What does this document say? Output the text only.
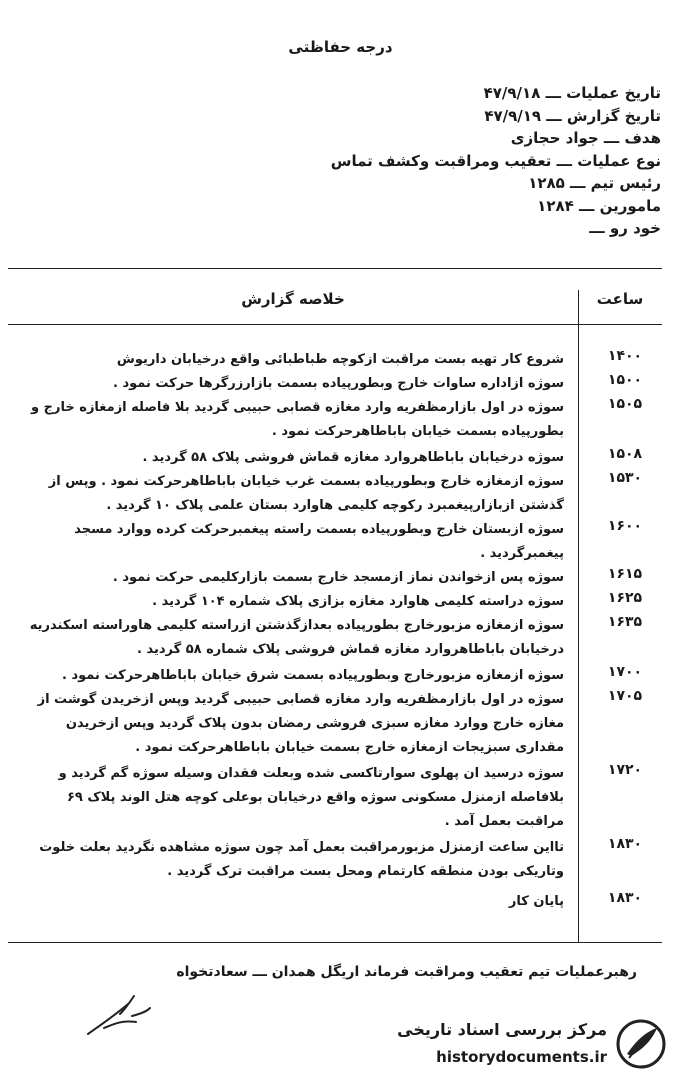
درجه حفاظتی
تاریخ عملیات ـــ ۴۷/۹/۱۸
تاریخ گزارش ـــ ۴۷/۹/۱۹
هدف ـــ جواد حجازی
نوع عملیات ـــ تعقیب ومراقبت وکشف تماس
رئیس تیم ـــ ۱۲۸۵
مامورین ـــ ۱۲۸۴
خود رو ـــ
ساعت
خلاصه گزارش
۱۴۰۰
شروع کار تهیه بست مراقبت ازکوچه طباطبائی واقع درخیابان داریوش
۱۵۰۰
سوژه ازاداره ساوات خارج وبطورپیاده بسمت بازارزرگرها حرکت نمود .
۱۵۰۵
سوژه در اول بازارمظفریه وارد مغازه قصابی حبیبی گردید بلا فاصله ازمغازه خارج و
بطورپیاده بسمت خیابان باباطاهرحرکت نمود .
۱۵۰۸
سوژه درخیابان باباطاهروارد مغازه قماش فروشی پلاک ۵۸ گردید .
۱۵۳۰
سوژه ازمغازه خارج وبطورپیاده بسمت غرب خیابان باباطاهرحرکت نمود . وپس از
گذشتن ازبازارپیغمبرد رکوچه کلیمی هاوارد بستان علمی پلاک ۱۰ گردید .
۱۶۰۰
سوژه ازبستان خارج وبطورپیاده بسمت راسته پیغمبرحرکت کرده ووارد مسجد
پیغمبرگردید .
۱۶۱۵
سوژه پس ازخواندن نماز ازمسجد خارج بسمت بازارکلیمی حرکت نمود .
۱۶۲۵
سوژه دراسته کلیمی هاوارد مغازه بزازی پلاک شماره ۱۰۴ گردید .
۱۶۳۵
سوژه ازمغازه مزبورخارج بطورپیاده بعدازگذشتن ازراسته کلیمی هاوراسته اسکندریه
درخیابان باباطاهروارد مغازه قماش فروشی پلاک شماره ۵۸ گردید .
۱۷۰۰
سوژه ازمغازه مزبورخارج وبطورپیاده بسمت شرق خیابان باباطاهرحرکت نمود .
۱۷۰۵
سوژه در اول بازارمظفریه وارد مغازه قصابی حبیبی گردید وپس ازخریدن گوشت از
مغازه خارج ووارد مغازه سبزی فروشی رمضان بدون پلاک گردید وپس ازخریدن
مقداری سبزیجات ازمغازه خارج بسمت خیابان باباطاهرحرکت نمود .
۱۷۲۰
سوژه درسید ان پهلوی سوارتاکسی شده وبعلت فقدان وسیله سوژه گم گردید و
بلافاصله ازمنزل مسکونی سوژه واقع درخیابان بوعلی کوچه هتل الوند پلاک ۶۹
مراقبت بعمل آمد .
۱۸۳۰
تااین ساعت ازمنزل مزبورمراقبت بعمل آمد چون سوژه مشاهده نگردید بعلت خلوت
وتاریکی بودن منطقه کارتمام ومحل بست مراقبت ترک گردید .
۱۸۳۰
پایان کار
رهبرعملیات تیم تعقیب ومراقبت فرماند اریگل همدان ـــ سعادتخواه
مرکز بررسی اسناد تاریخی
historydocuments.ir
